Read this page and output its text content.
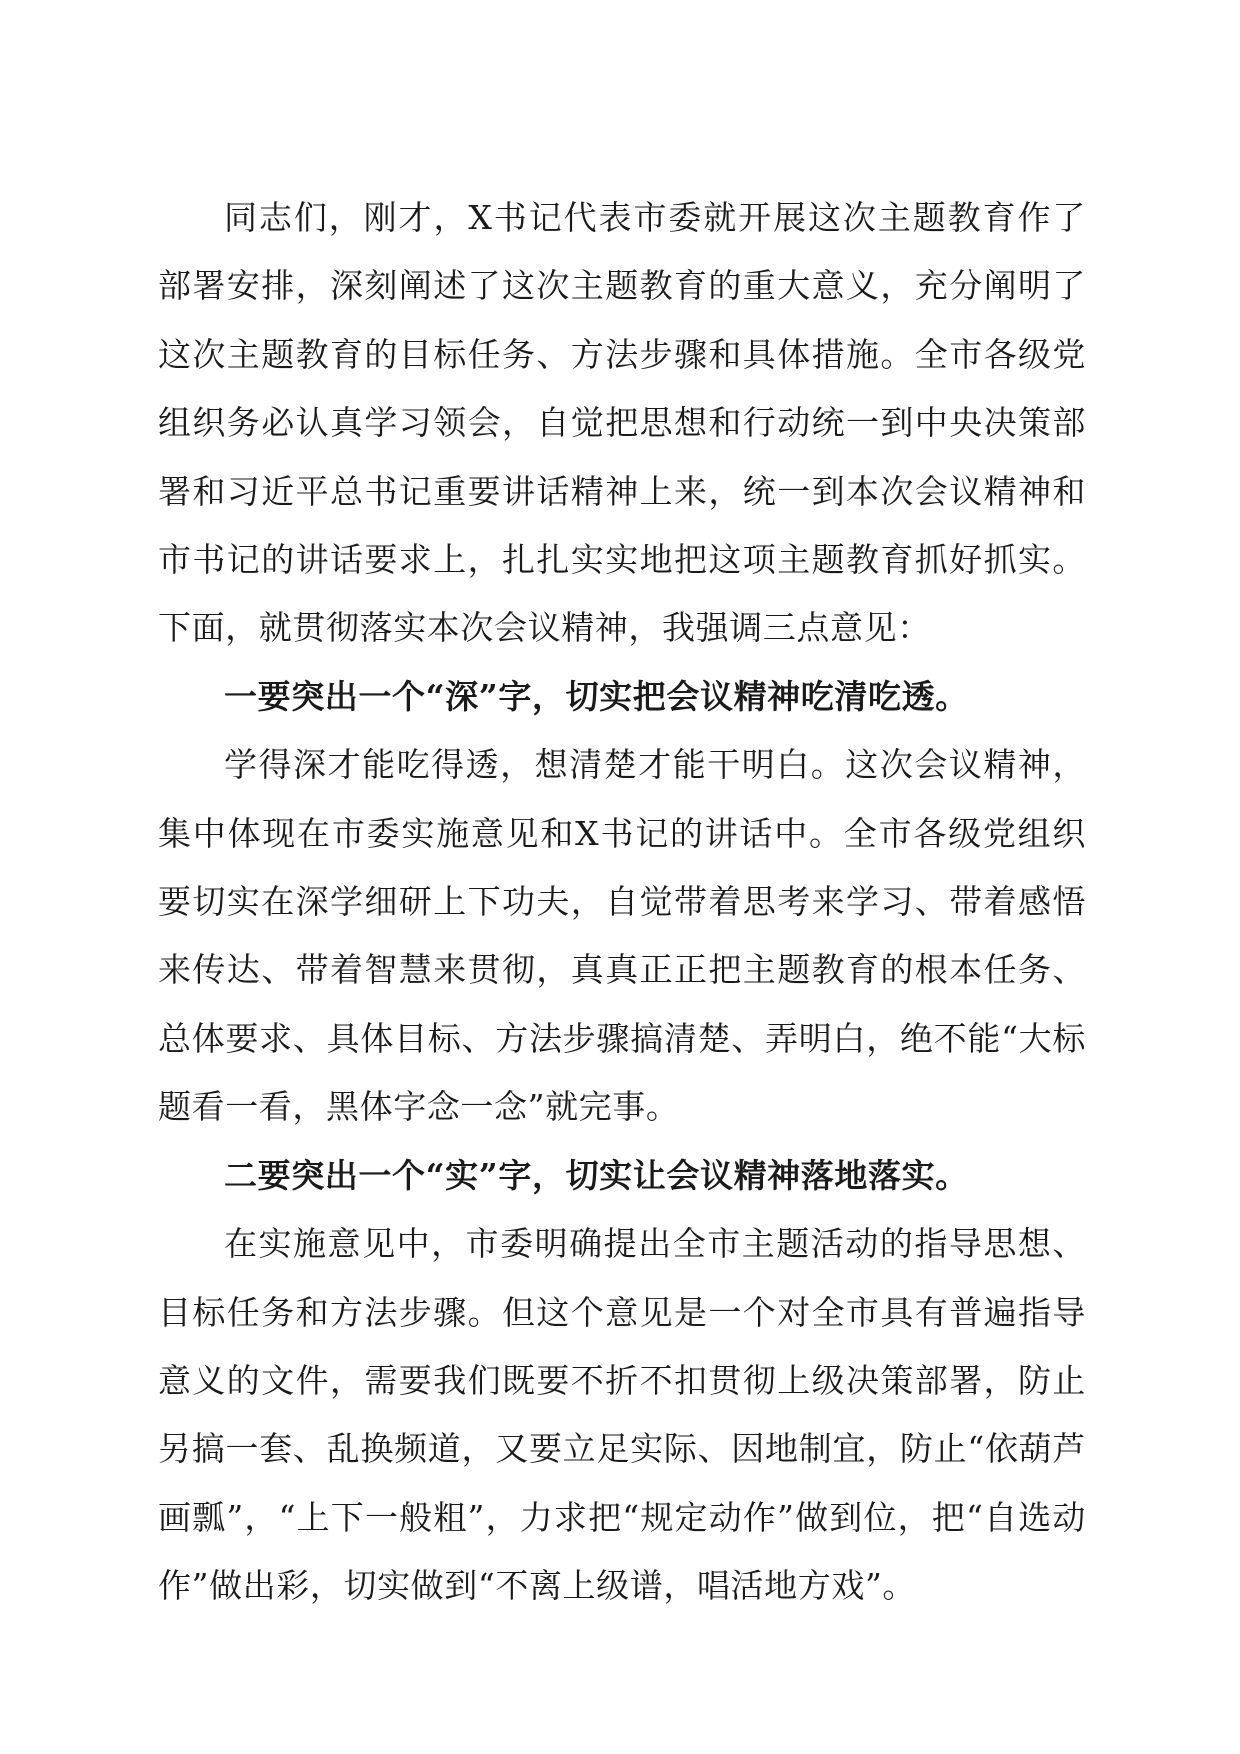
同志们，刚才，X书记代表市委就开展这次主题教育作了部署安排，深刻阐述了这次主题教育的重大意义，充分阐明了这次主题教育的目标任务、方法步骤和具体措施。全市各级党组织务必认真学习领会，自觉把思想和行动统一到中央决策部署和习近平总书记重要讲话精神上来，统一到本次会议精神和市书记的讲话要求上，扎扎实实地把这项主题教育抓好抓实。下面，就贯彻落实本次会议精神，我强调三点意见：

一要突出一个“深”字，切实把会议精神吃清吃透。

学得深才能吃得透，想清楚才能干明白。这次会议精神，集中体现在市委实施意见和X书记的讲话中。全市各级党组织要切实在深学细研上下功夫，自觉带着思考来学习、带着感悟来传达、带着智慧来贯彻，真真正正把主题教育的根本任务、总体要求、具体目标、方法步骤搞清楚、弄明白，绝不能“大标题看一看，黑体字念一念”就完事。

二要突出一个“实”字，切实让会议精神落地落实。

在实施意见中，市委明确提出全市主题活动的指导思想、目标任务和方法步骤。但这个意见是一个对全市具有普遍指导意义的文件，需要我们既要不折不扣贯彻上级决策部署，防止另搞一套、乱换频道，又要立足实际、因地制宜，防止“依葫芦画瓢”，“上下一般粗”，力求把“规定动作”做到位，把“自选动作”做出彩，切实做到“不离上级谱，唱活地方戏”。
